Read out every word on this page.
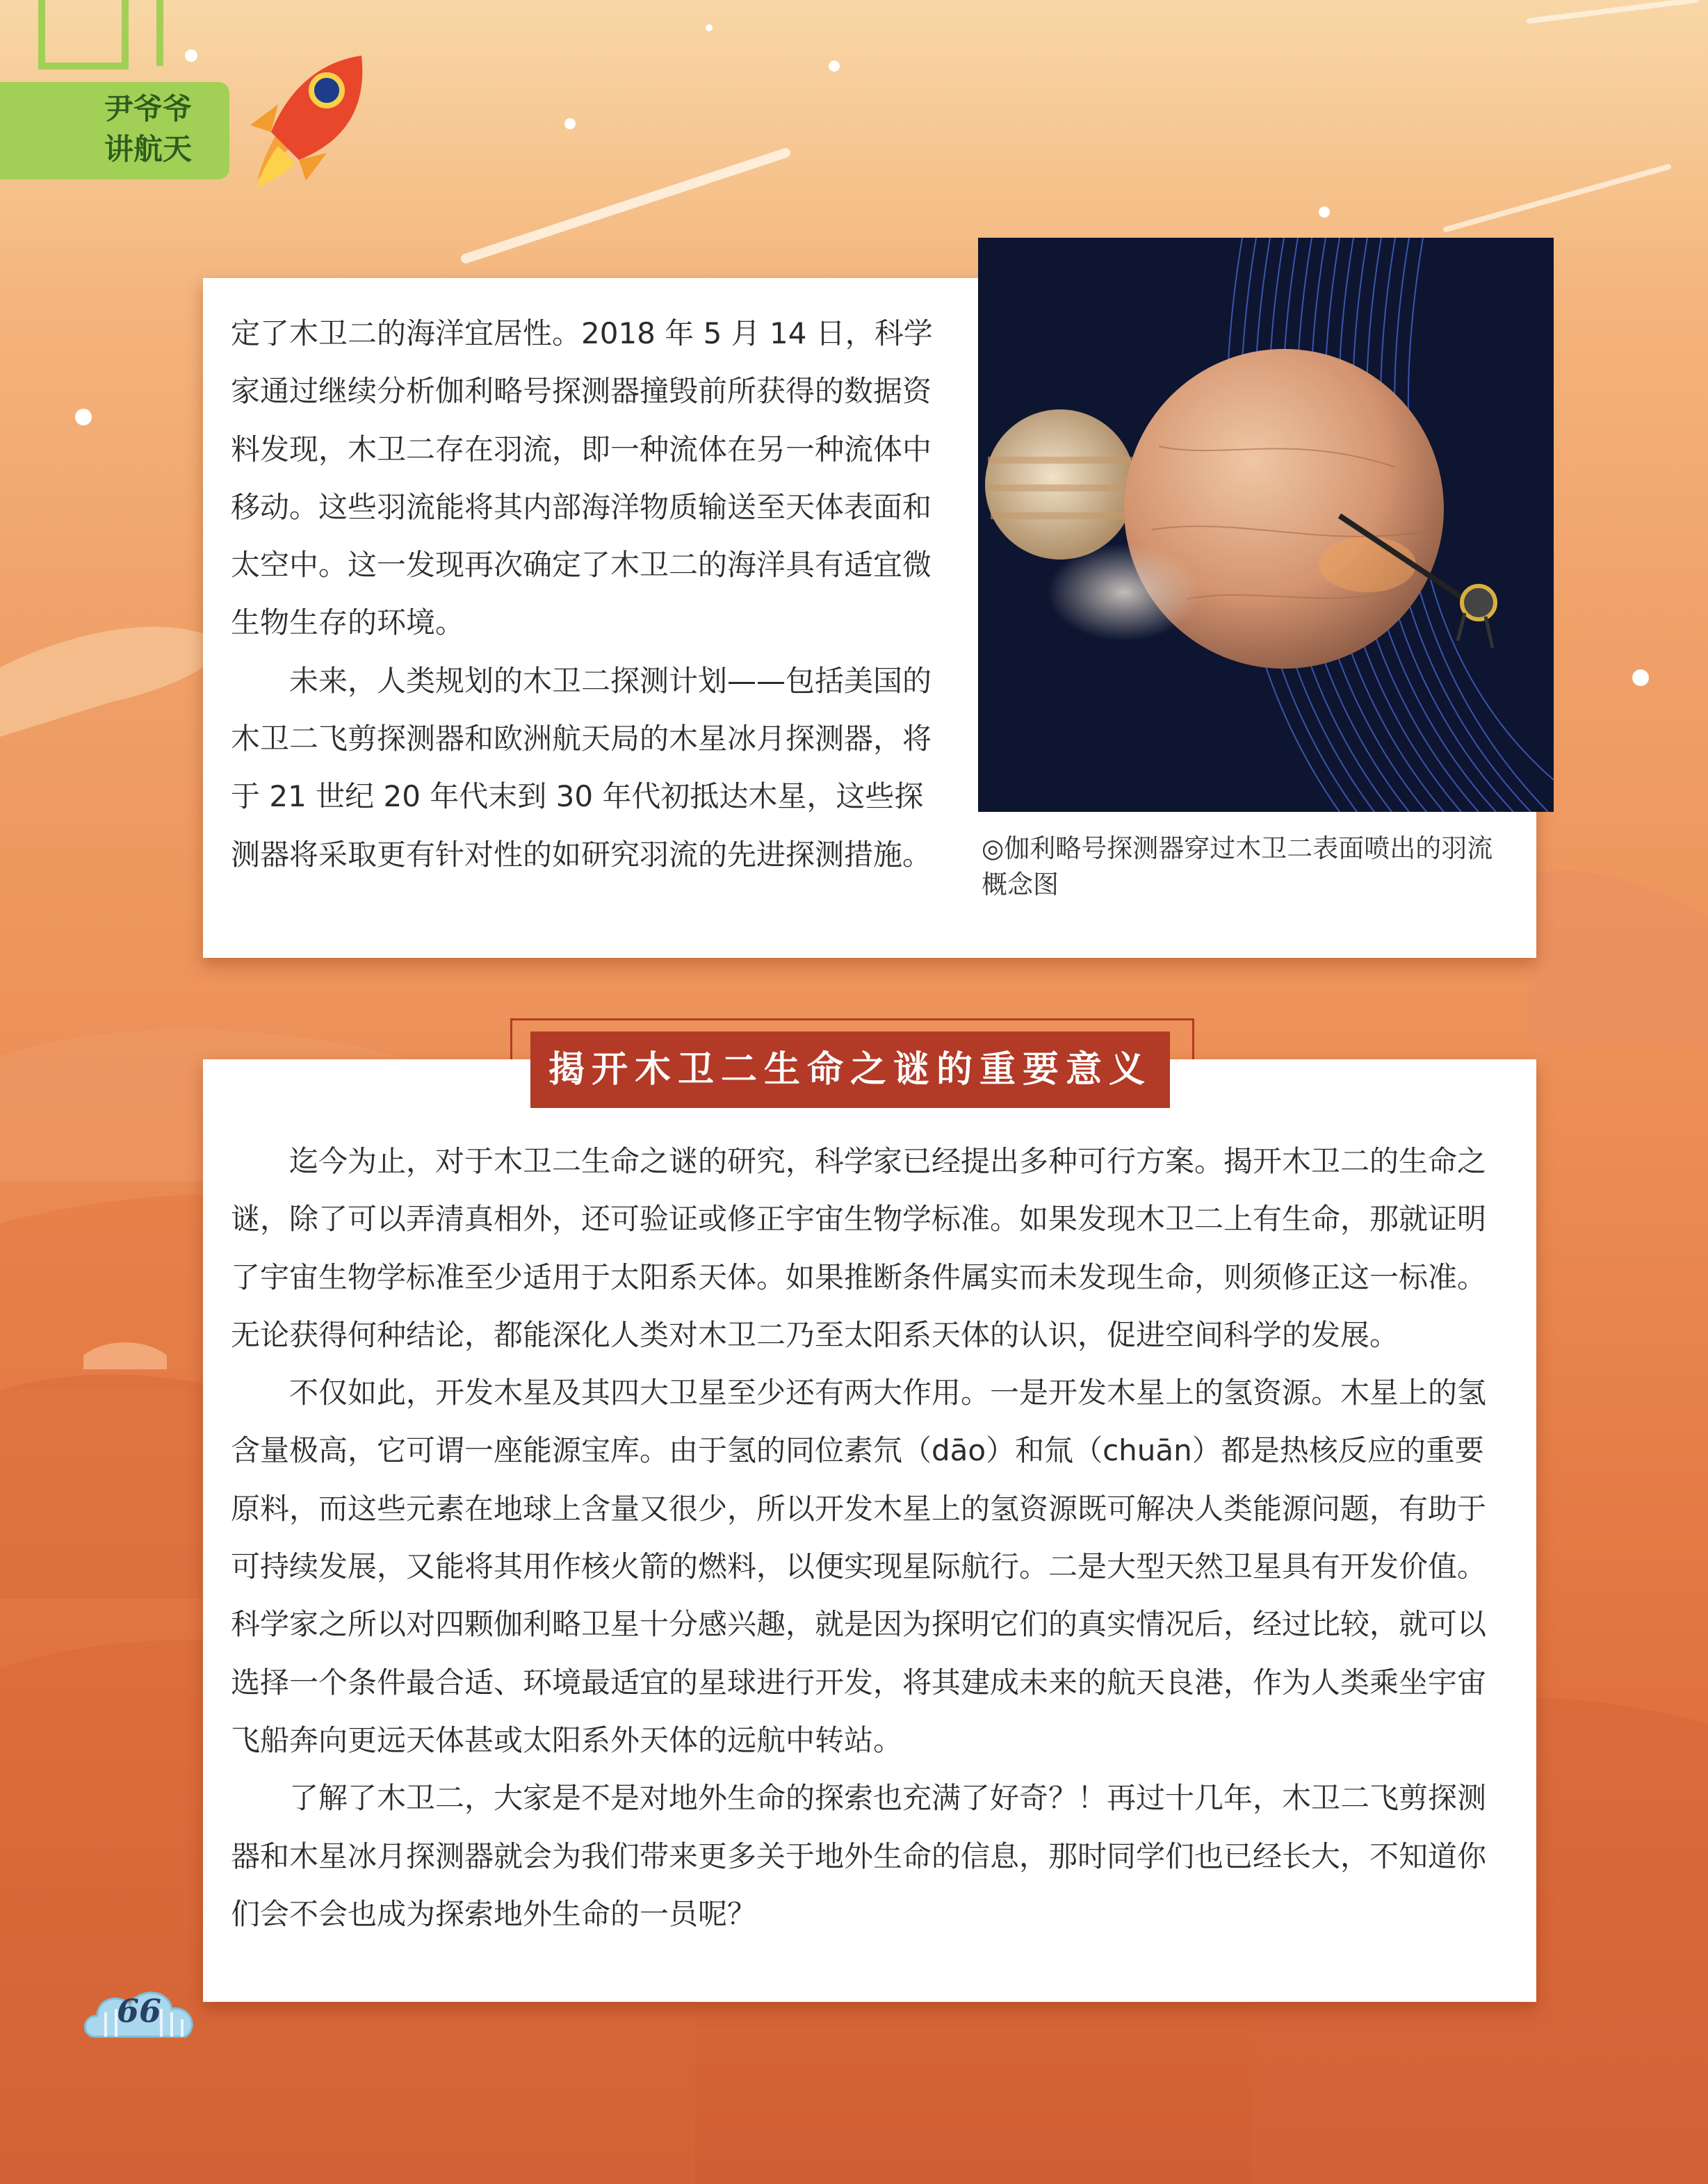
尹爷爷
讲航天

定了木卫二的海洋宜居性。2018 年 5 月 14 日，科学家通过继续分析伽利略号探测器撞毁前所获得的数据资料发现，木卫二存在羽流，即一种流体在另一种流体中移动。这些羽流能将其内部海洋物质输送至天体表面和太空中。这一发现再次确定了木卫二的海洋具有适宜微生物生存的环境。

未来，人类规划的木卫二探测计划——包括美国的木卫二飞剪探测器和欧洲航天局的木星冰月探测器，将于 21 世纪 20 年代末到 30 年代初抵达木星，这些探测器将采取更有针对性的如研究羽流的先进探测措施。	◎伽利略号探测器穿过木卫二表面喷出的羽流概念图

迄今为止，对于木卫二生命之谜的研究，科学家已经提出多种可行方案。揭开木卫二的生命之谜，除了可以弄清真相外，还可验证或修正宇宙生物学标准。如果发现木卫二上有生命，那就证明了宇宙生物学标准至少适用于太阳系天体。如果推断条件属实而未发现生命，则须修正这一标准。无论获得何种结论，都能深化人类对木卫二乃至太阳系天体的认识，促进空间科学的发展。

不仅如此，开发木星及其四大卫星至少还有两大作用。一是开发木星上的氢资源。木星上的氢含量极高，它可谓一座能源宝库。由于氢的同位素氘（dāo）和氚（chuān）都是热核反应的重要原料，而这些元素在地球上含量又很少，所以开发木星上的氢资源既可解决人类能源问题，有助于可持续发展，又能将其用作核火箭的燃料，以便实现星际航行。二是大型天然卫星具有开发价值。科学家之所以对四颗伽利略卫星十分感兴趣，就是因为探明它们的真实情况后，经过比较，就可以选择一个条件最合适、环境最适宜的星球进行开发，将其建成未来的航天良港，作为人类乘坐宇宙飞船奔向更远天体甚或太阳系外天体的远航中转站。

了解了木卫二，大家是不是对地外生命的探索也充满了好奇？！再过十几年，木卫二飞剪探测器和木星冰月探测器就会为我们带来更多关于地外生命的信息，那时同学们也已经长大，不知道你们会不会也成为探索地外生命的一员呢？

揭开木卫二生命之谜的重要意义
66
